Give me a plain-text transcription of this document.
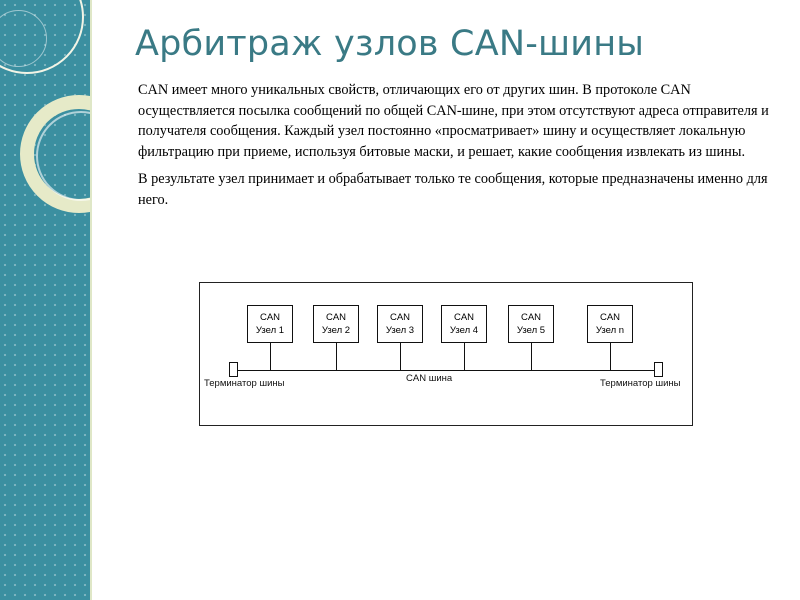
Арбитраж узлов CAN-шины

CAN имеет много уникальных свойств, отличающих его от других шин. В протоколе CAN осуществляется посылка сообщений по общей CAN-шине, при этом отсутствуют адреса отправителя и получателя сообщения. Каждый узел постоянно «просматривает» шину и осуществляет локальную фильтрацию при приеме, используя битовые маски, и решает, какие сообщения извлекать из шины.

В результате узел принимает и обрабатывает только те сообщения, которые предназначены именно для него.

CAN
Узел 1
CAN
Узел 2
CAN
Узел 3
CAN
Узел 4
CAN
Узел 5
CAN
Узел n
CAN шина
Терминатор шины	Терминатор шины
